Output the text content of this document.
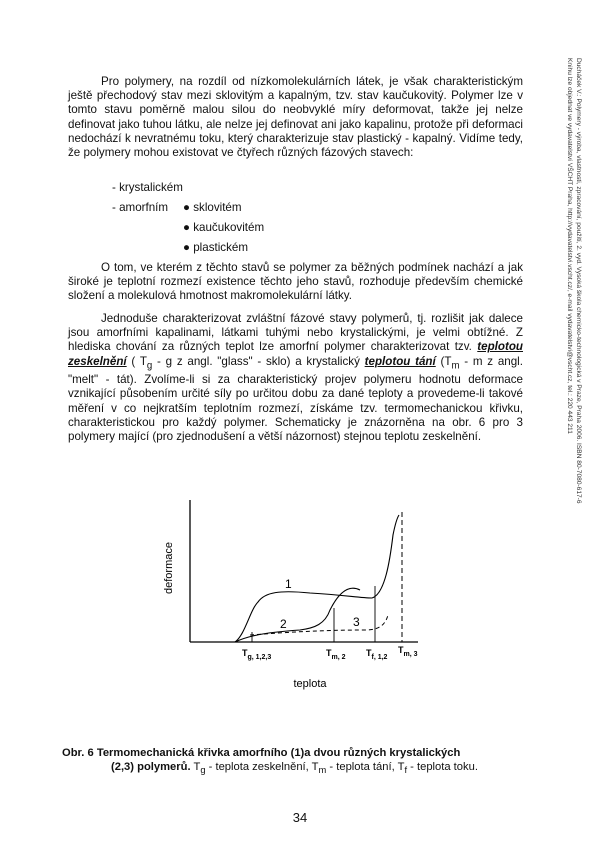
Ducháček V.: Polymery - výroba, vlastnosti, zpracování, použití, 2. vyd. Vysoká škola chemicko-technologická v Praze, Praha 2006. ISBN 80-7080-617-6
Knihu lze objednat ve vydavatelství VŠCHT Praha, http://vydavatelstvi.vscht.cz/, e-mail vydavatelstvi@vscht.cz, tel.: 220 443 211

Pro polymery, na rozdíl od nízkomolekulárních látek, je však charakteristickým ještě přechodový stav mezi sklovitým a kapalným, tzv. stav kaučukovitý. Polymer lze v tomto stavu poměrně malou silou do neobvyklé míry deformovat, takže jej nelze definovat jako tuhou látku, ale nelze jej definovat ani jako kapalinu, protože při deformaci nedochází k nevratnému toku, který charakterizuje stav plastický - kapalný. Vidíme tedy, že polymery mohou existovat ve čtyřech různých fázových stavech:

- krystalickém
- amorfním ● sklovitém
● kaučukovitém
● plastickém

O tom, ve kterém z těchto stavů se polymer za běžných podmínek nachází a jak široké je teplotní rozmezí existence těchto jeho stavů, rozhoduje především chemické složení a molekulová hmotnost makromolekulární látky.

Jednoduše charakterizovat zvláštní fázové stavy polymerů, tj. rozlišit jak dalece jsou amorfními kapalinami, látkami tuhými nebo krystalickými, je velmi obtížné. Z hlediska chování za různých teplot lze amorfní polymer charakterizovat tzv. teplotou zeskelnění ( $T_g$ - g z angl. "glass" - sklo) a krystalický teplotou tání ($T_m$ - m z angl. "melt" - tát). Zvolíme-li si za charakteristický projev polymeru hodnotu deformace vznikající působením určité síly po určitou dobu za dané teploty a provedeme-li takové měření v co nejkratším teplotním rozmezí, získáme tzv. termomechanickou křivku, charakteristickou pro každý polymer. Schematicky je znázorněna na obr. 6 pro 3 polymery mající (pro zjednodušení a větší názornost) stejnou teplotu zeskelnění.

deformace	1
2	3
$T_{g, 1,2,3}$	$T_{m, 2}$ $T_{f, 1,2}$
$T_{m, 3}$
teplota
Obr. 6 Termomechanická křivka amorfního (1)a dvou různých krystalických
(2,3) polymerů. $T_g$ - teplota zeskelnění, $T_m$ - teplota tání, $T_f$ - teplota toku.
34
